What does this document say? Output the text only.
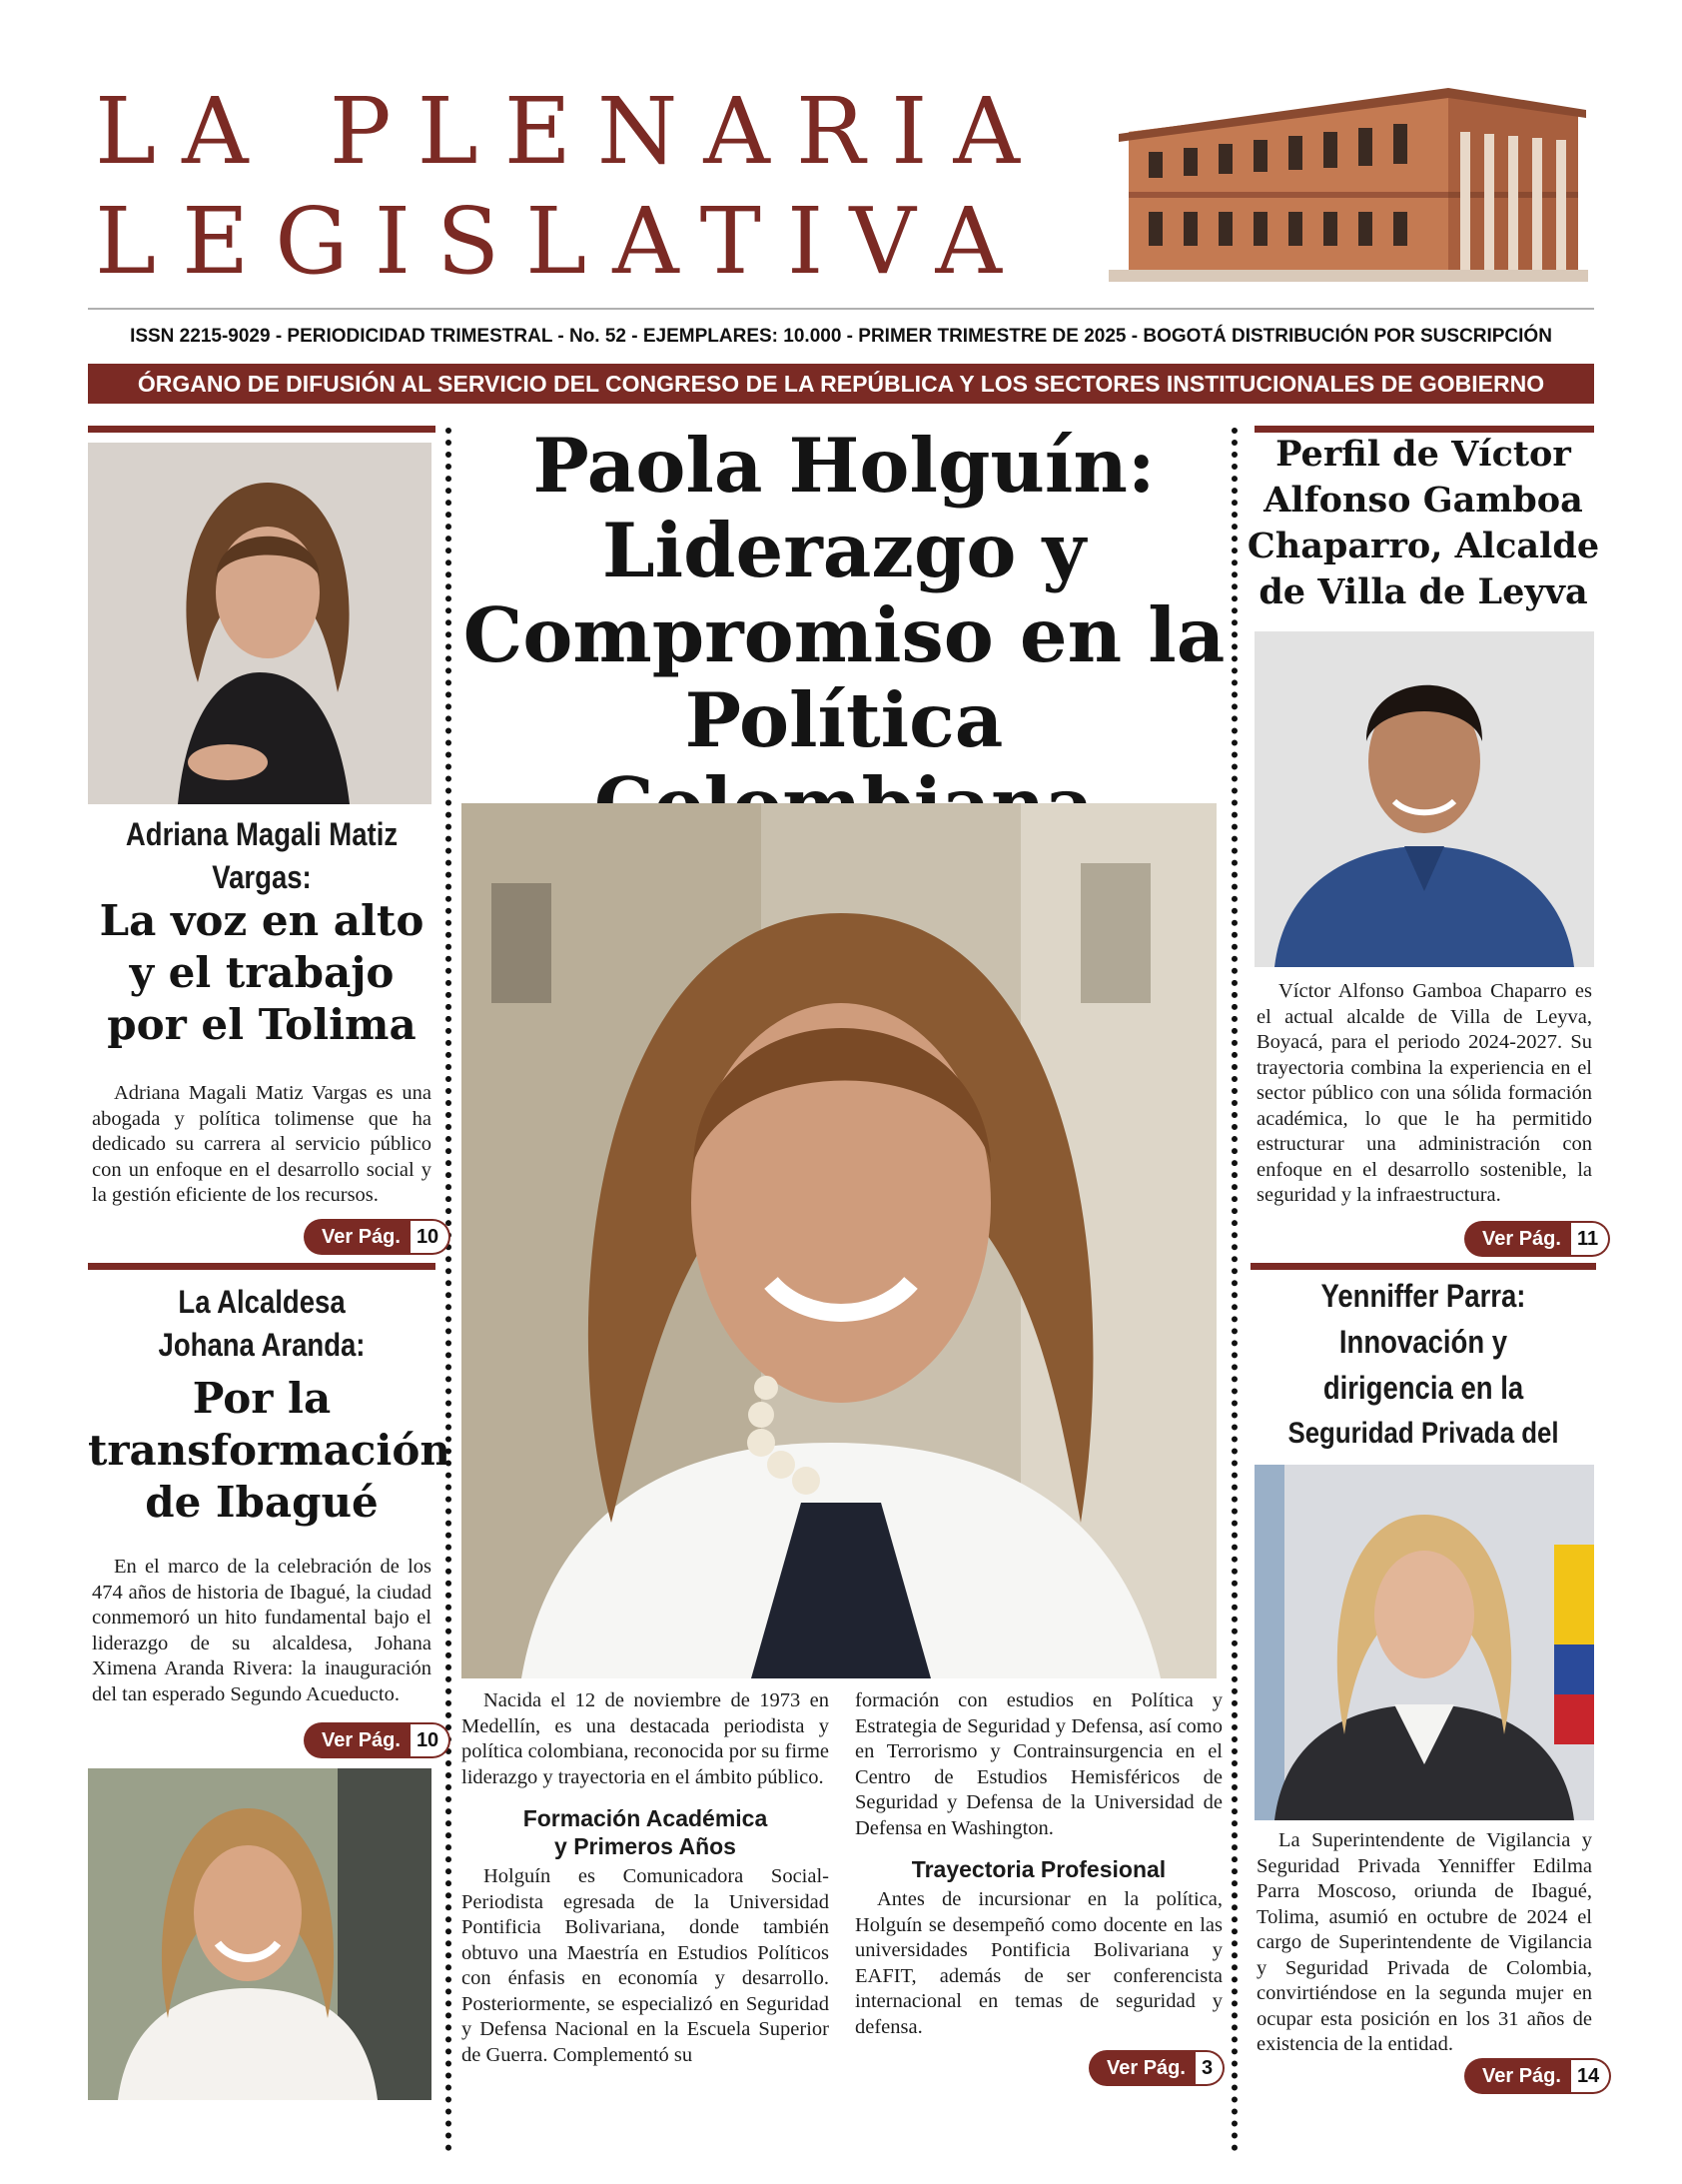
LA PLENARIA
LEGISLATIVA
ISSN 2215-9029 - PERIODICIDAD TRIMESTRAL - No. 52 - EJEMPLARES: 10.000 - PRIMER TRIMESTRE DE 2025 - BOGOTÁ DISTRIBUCIÓN POR SUSCRIPCIÓN
ÓRGANO DE DIFUSIÓN AL SERVICIO DEL CONGRESO DE LA REPÚBLICA Y LOS SECTORES INSTITUCIONALES DE GOBIERNO
Adriana Magali Matiz
Vargas:
La voz en alto
y el trabajo
por el Tolima

Adriana Magali Matiz Vargas es una abogada y política tolimense que ha dedicado su carrera al servicio público con un enfoque en el desarrollo social y la gestión eficiente de los recursos.

Ver Pág. 10
La Alcaldesa
Johana Aranda:
Por la
transformación
de Ibagué

En el marco de la celebración de los 474 años de historia de Ibagué, la ciudad conmemoró un hito fundamental bajo el liderazgo de su alcaldesa, Johana Ximena Aranda Rivera: la inauguración del tan esperado Segundo Acueducto.

Ver Pág. 10
Paola Holguín:
Liderazgo y
Compromiso en la
Política

Nacida el 12 de noviembre de 1973 en Medellín, es una destacada periodista y política colombiana, reconocida por su firme liderazgo y trayectoria en el ámbito público.

Formación Académica
y Primeros Años

Holguín es Comunicadora Social-Periodista egresada de la Universidad Pontificia Bolivariana, donde también obtuvo una Maestría en Estudios Políticos con énfasis en economía y desarrollo. Posteriormente, se especializó en Seguridad y Defensa Nacional en la Escuela Superior de Guerra. Complementó su

formación con estudios en Política y Estrategia de Seguridad y Defensa, así como en Terrorismo y Contrainsurgencia en el Centro de Estudios Hemisféricos de Seguridad y Defensa de la Universidad de Defensa en Washington.

Trayectoria Profesional

Antes de incursionar en la política, Holguín se desempeñó como docente en las universidades Pontificia Bolivariana y EAFIT, además de ser conferencista internacional en temas de seguridad y defensa.

Ver Pág. 3
Perfil de Víctor
Alfonso Gamboa
Chaparro, Alcalde
de Villa de Leyva

Víctor Alfonso Gamboa Chaparro es el actual alcalde de Villa de Leyva, Boyacá, para el periodo 2024-2027. Su trayectoria combina la experiencia en el sector público con una sólida formación académica, lo que le ha permitido estructurar una administración con enfoque en el desarrollo sostenible, la seguridad y la infraestructura.

Ver Pág. 11
Yenniffer Parra:
Innovación y
dirigencia en la
Seguridad Privada del

La Superintendente de Vigilancia y Seguridad Privada Yenniffer Edilma Parra Moscoso, oriunda de Ibagué, Tolima, asumió en octubre de 2024 el cargo de Superintendente de Vigilancia y Seguridad Privada de Colombia, convirtiéndose en la segunda mujer en ocupar esta posición en los 31 años de existencia de la entidad.

Ver Pág. 14
